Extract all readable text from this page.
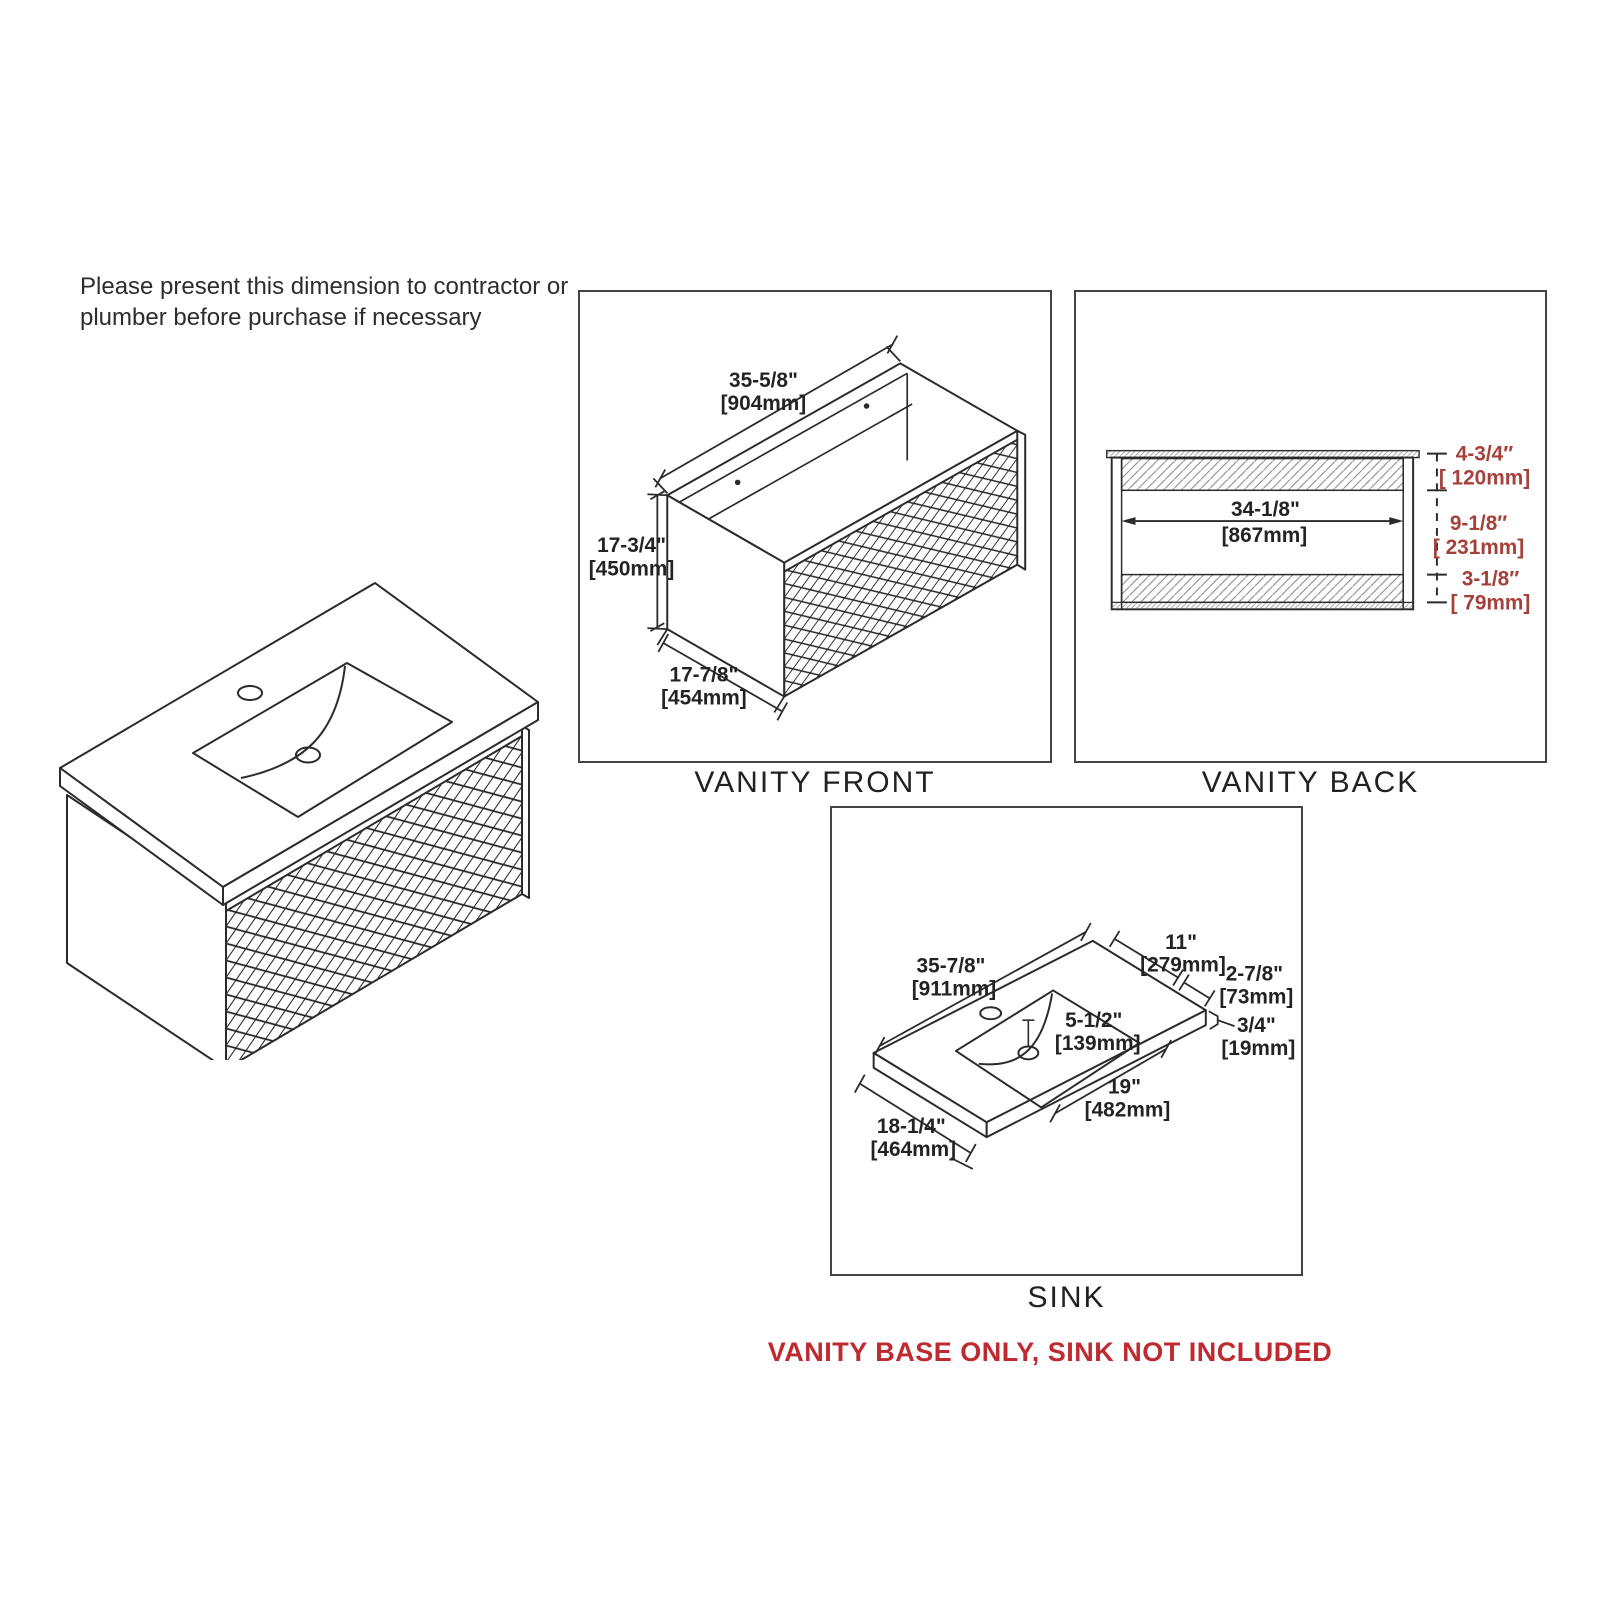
Please present this dimension to contractor or
plumber before purchase if necessary
35-5/8"
[904mm]
17-3/4"
[450mm]
17-7/8"
[454mm]
VANITY FRONT
34-1/8"
[867mm]
4-3/4″
[ 120mm]
9-1/8″
[ 231mm]
3-1/8″
[ 79mm]
VANITY BACK
35-7/8"
[911mm]
11"
[279mm] 2-7/8"
[73mm]
3/4"
[19mm]
5-1/2"
[139mm]
19"
[482mm]
18-1/4"
[464mm]
SINK
VANITY BASE ONLY, SINK NOT INCLUDED
